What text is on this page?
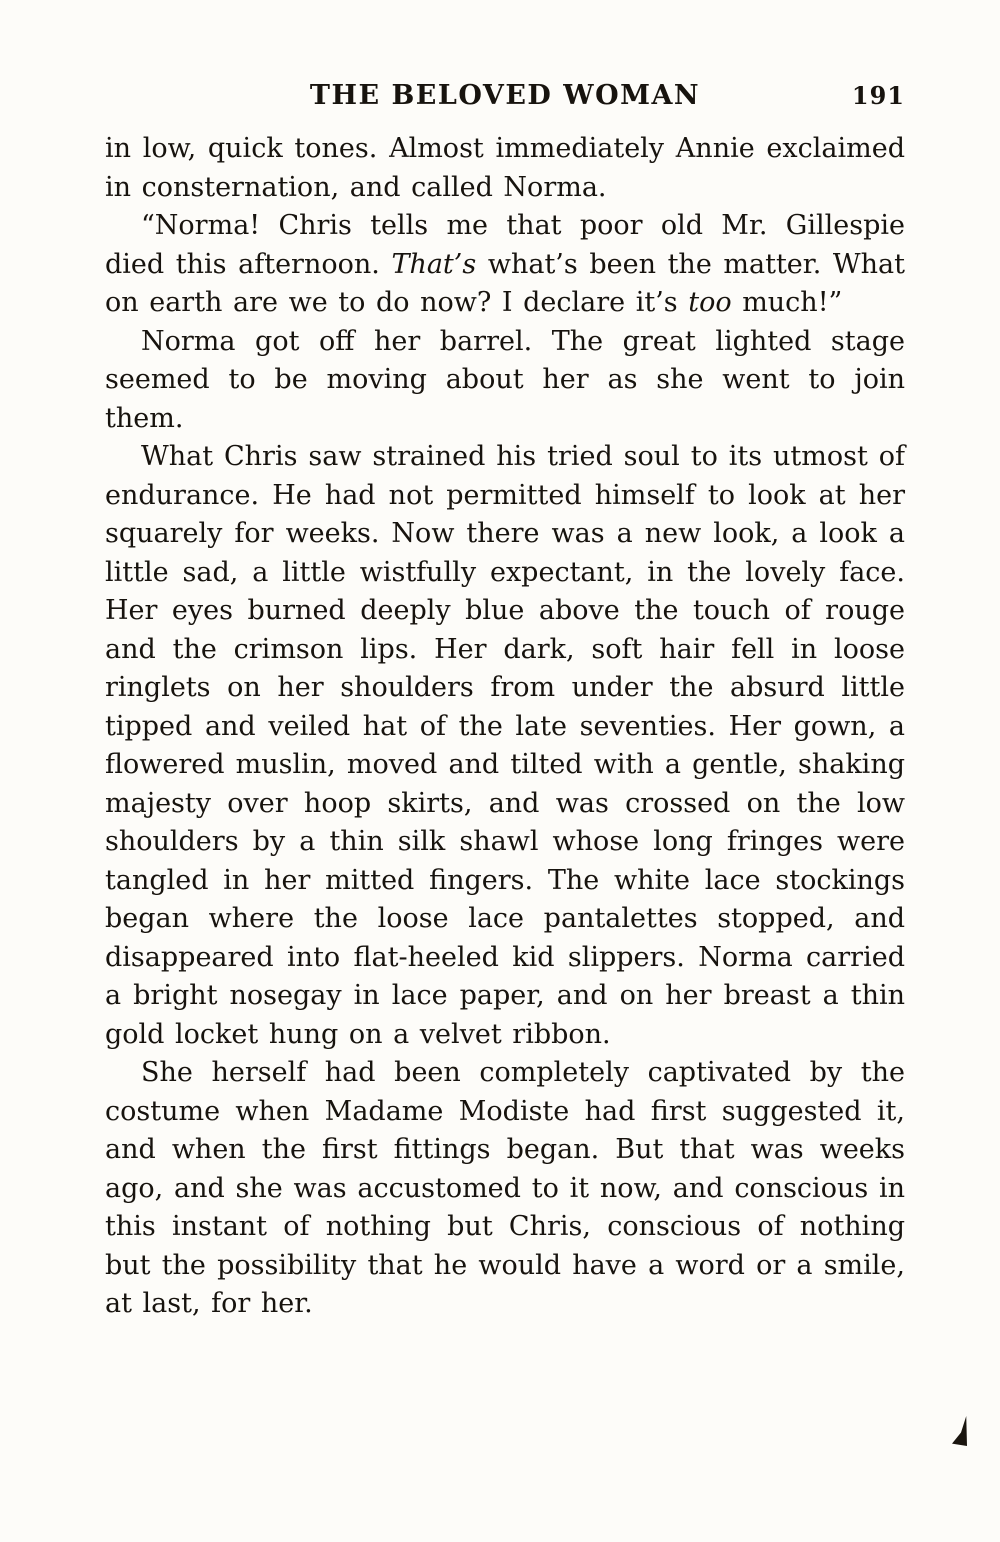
THE BELOVED WOMAN	191

in low, quick tones. Almost immediately Annie exclaimed in consternation, and called Norma.

“Norma! Chris tells me that poor old Mr. Gillespie died this afternoon. That’s what’s been the matter. What on earth are we to do now? I declare it’s too much!”

Norma got off her barrel. The great lighted stage seemed to be moving about her as she went to join them.

What Chris saw strained his tried soul to its utmost of endurance. He had not permitted himself to look at her squarely for weeks. Now there was a new look, a look a little sad, a little wistfully expectant, in the lovely face. Her eyes burned deeply blue above the touch of rouge and the crimson lips. Her dark, soft hair fell in loose ringlets on her shoulders from under the absurd little tipped and veiled hat of the late seventies. Her gown, a flowered muslin, moved and tilted with a gentle, shaking majesty over hoop skirts, and was crossed on the low shoulders by a thin silk shawl whose long fringes were tangled in her mitted fingers. The white lace stockings began where the loose lace pantalettes stopped, and disappeared into flat-heeled kid slippers. Norma carried a bright nosegay in lace paper, and on her breast a thin gold locket hung on a velvet ribbon.

She herself had been completely captivated by the costume when Madame Modiste had first suggested it, and when the first fittings began. But that was weeks ago, and she was accustomed to it now, and conscious in this instant of nothing but Chris, conscious of nothing but the possibility that he would have a word or a smile, at last, for her.
